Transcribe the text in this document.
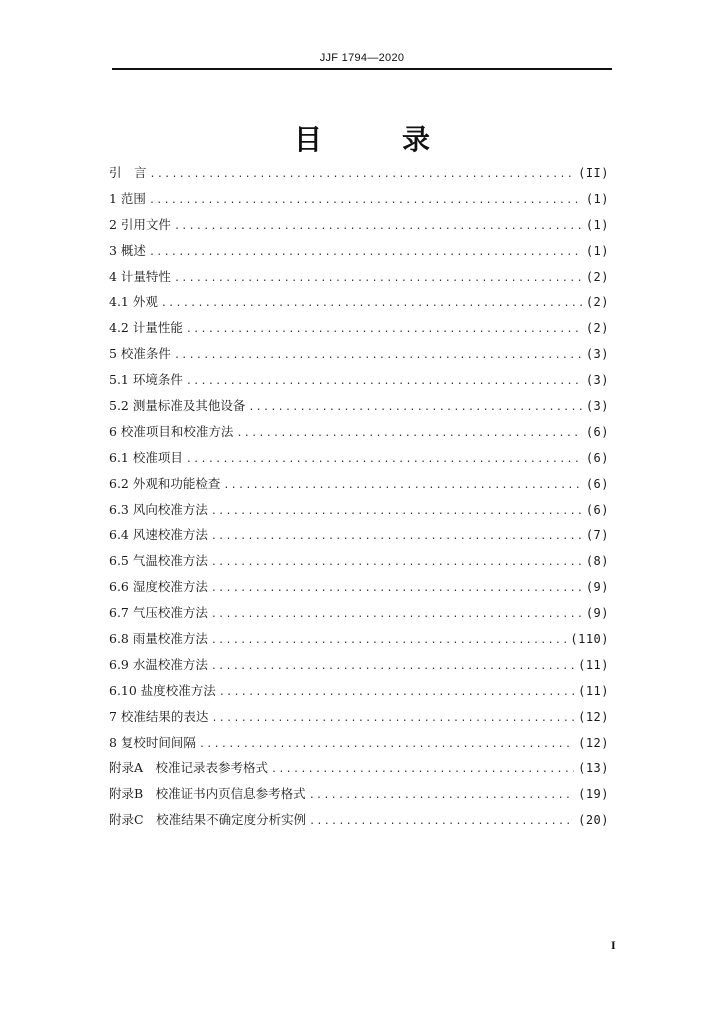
JJF 1794—2020
目　录
引　言 .....	(II)
1 范围 .....	(1)
2 引用文件 .....	(1)
3 概述 .....	(1)
4 计量特性 .....	(2)
4.1 外观 .....	(2)
4.2 计量性能 .....	(2)
5 校准条件 .....	(3)
5.1 环境条件 .....	(3)
5.2 测量标准及其他设备 .....	(3)
6 校准项目和校准方法 .....	(6)
6.1 校准项目 .....	(6)
6.2 外观和功能检查 .....	(6)
6.3 风向校准方法 .....	(6)
6.4 风速校准方法 .....	(7)
6.5 气温校准方法 .....	(8)
6.6 湿度校准方法 .....	(9)
6.7 气压校准方法 .....	(9)
6.8 雨量校准方法 .....	(110)
6.9 水温校准方法 .....	(11)
6.10 盐度校准方法 .....	(11)
7 校准结果的表达 .....	(12)
8 复校时间间隔 .....	(12)
附录A　校准记录表参考格式 .....	(13)
附录B　校准证书内页信息参考格式 .....	(19)
附录C　校准结果不确定度分析实例 .....	(20)
I
